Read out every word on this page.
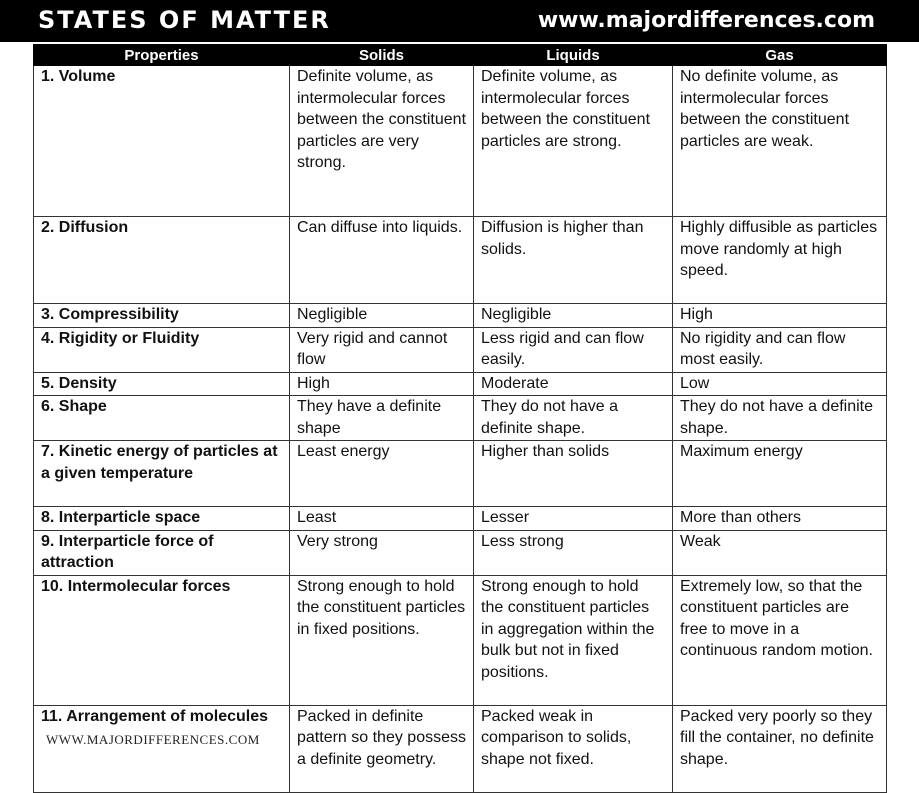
STATES OF MATTER	www.majordifferences.com
Properties	Solids	Liquids	Gas
1. Volume	Definite volume, as intermolecular forces between the constituent particles are very strong.	Definite volume, as intermolecular forces between the constituent particles are strong.	No definite volume, as intermolecular forces between the constituent particles are weak.
2. Diffusion	Can diffuse into liquids.	Diffusion is higher than solids.	Highly diffusible as particles move randomly at high speed.
3. Compressibility	Negligible	Negligible	High
4. Rigidity or Fluidity	Very rigid and cannot flow	Less rigid and can flow easily.	No rigidity and can flow most easily.
5. Density	High	Moderate	Low
6. Shape	They have a definite shape	They do not have a definite shape.	They do not have a definite shape.
7. Kinetic energy of particles at a given temperature	Least energy	Higher than solids	Maximum energy
8. Interparticle space	Least	Lesser	More than others
9. Interparticle force of attraction	Very strong	Less strong	Weak
10. Intermolecular forces	Strong enough to hold the constituent particles in fixed positions.	Strong enough to hold the constituent particles in aggregation within the bulk but not in fixed positions.	Extremely low, so that the constituent particles are free to move in a continuous random motion.
11. Arrangement of molecules	Packed in definite pattern so they possess a definite geometry.	Packed weak in comparison to solids, shape not fixed.	Packed very poorly so they fill the container, no definite shape.
WWW.MAJORDIFFERENCES.COM
